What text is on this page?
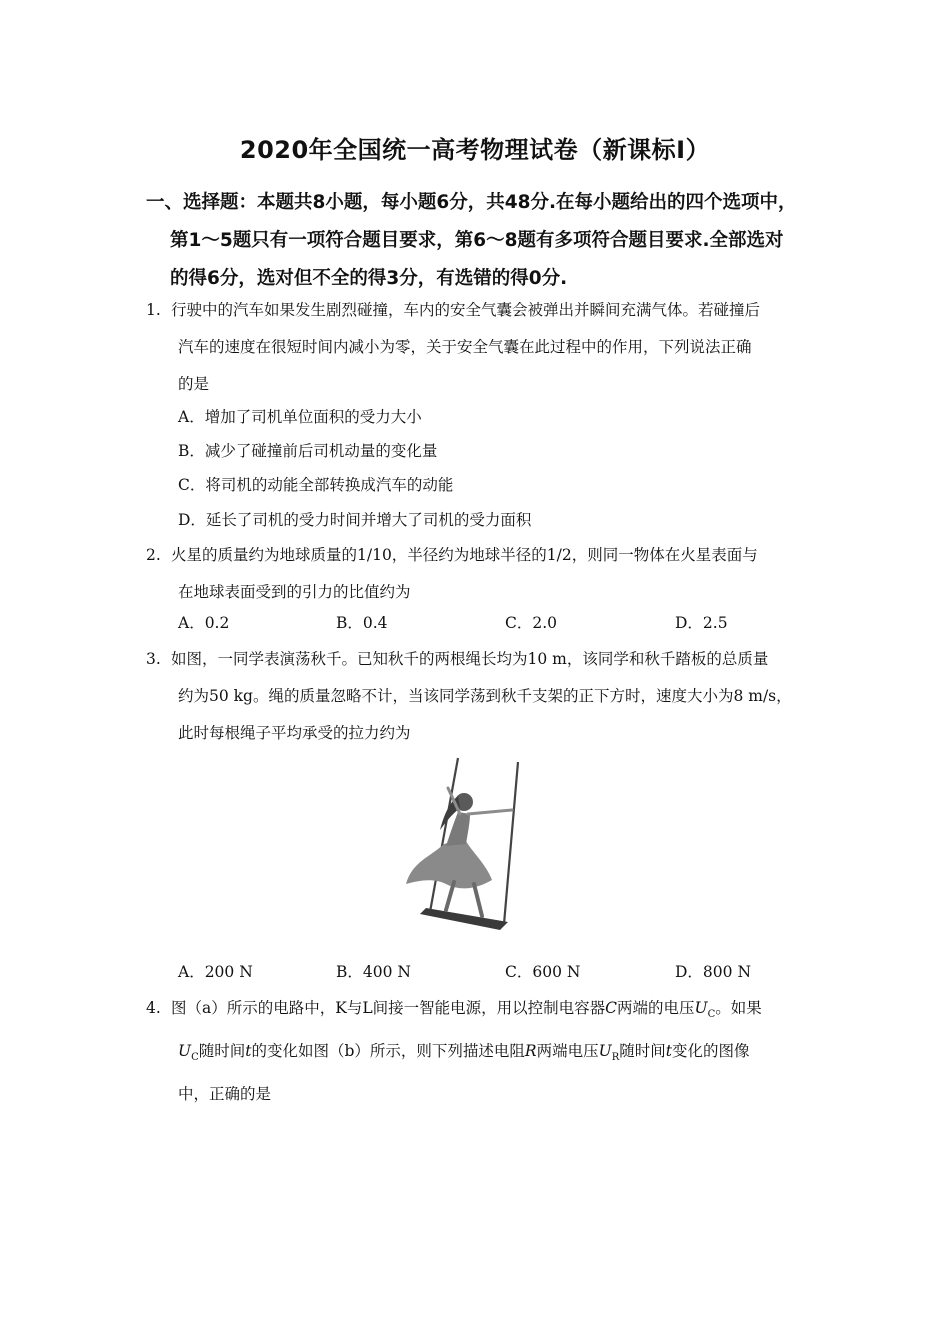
2020年全国统一高考物理试卷（新课标Ⅰ）
一、选择题：本题共8小题，每小题6分，共48分.在每小题给出的四个选项中，
第1～5题只有一项符合题目要求，第6～8题有多项符合题目要求.全部选对
的得6分，选对但不全的得3分，有选错的得0分.
1. 行驶中的汽车如果发生剧烈碰撞，车内的安全气囊会被弹出并瞬间充满气体。若碰撞后
汽车的速度在很短时间内减小为零，关于安全气囊在此过程中的作用，下列说法正确
的是
A．增加了司机单位面积的受力大小
B．减少了碰撞前后司机动量的变化量
C．将司机的动能全部转换成汽车的动能
D．延长了司机的受力时间并增大了司机的受力面积
2. 火星的质量约为地球质量的1/10，半径约为地球半径的1/2，则同一物体在火星表面与
在地球表面受到的引力的比值约为
A．0.2	B．0.4	C．2.0	D．2.5
3. 如图，一同学表演荡秋千。已知秋千的两根绳长均为10 m，该同学和秋千踏板的总质量
约为50 kg。绳的质量忽略不计，当该同学荡到秋千支架的正下方时，速度大小为8 m/s，
此时每根绳子平均承受的拉力约为
A．200 N	B．400 N	C．600 N	D．800 N
4. 图（a）所示的电路中，K与L间接一智能电源，用以控制电容器C两端的电压$U_C$。如果
$U_C$随时间t的变化如图（b）所示，则下列描述电阻R两端电压$U_R$随时间t变化的图像
中，正确的是
